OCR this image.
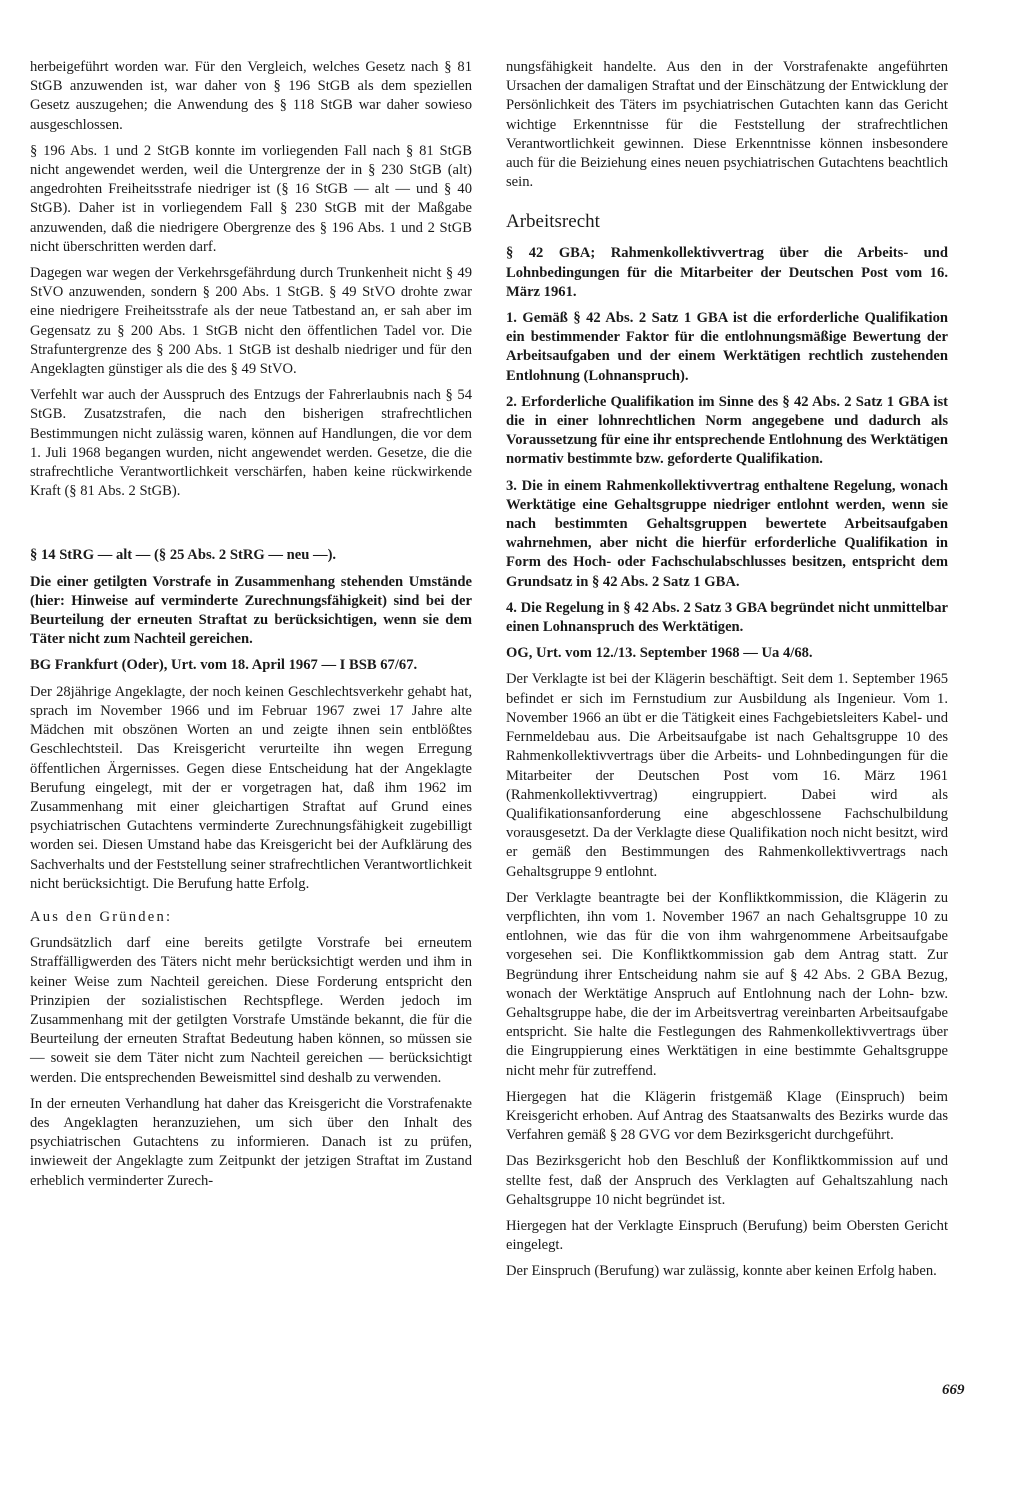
herbeigeführt worden war. Für den Vergleich, welches Gesetz nach § 81 StGB anzuwenden ist, war daher von § 196 StGB als dem speziellen Gesetz auszugehen; die Anwendung des § 118 StGB war daher sowieso ausgeschlossen.

§ 196 Abs. 1 und 2 StGB konnte im vorliegenden Fall nach § 81 StGB nicht angewendet werden, weil die Untergrenze der in § 230 StGB (alt) angedrohten Freiheitsstrafe niedriger ist (§ 16 StGB — alt — und § 40 StGB). Daher ist in vorliegendem Fall § 230 StGB mit der Maßgabe anzuwenden, daß die niedrigere Obergrenze des § 196 Abs. 1 und 2 StGB nicht überschritten werden darf.

Dagegen war wegen der Verkehrsgefährdung durch Trunkenheit nicht § 49 StVO anzuwenden, sondern § 200 Abs. 1 StGB. § 49 StVO drohte zwar eine niedrigere Freiheitsstrafe als der neue Tatbestand an, er sah aber im Gegensatz zu § 200 Abs. 1 StGB nicht den öffentlichen Tadel vor. Die Strafuntergrenze des § 200 Abs. 1 StGB ist deshalb niedriger und für den Angeklagten günstiger als die des § 49 StVO.

Verfehlt war auch der Ausspruch des Entzugs der Fahrerlaubnis nach § 54 StGB. Zusatzstrafen, die nach den bisherigen strafrechtlichen Bestimmungen nicht zulässig waren, können auf Handlungen, die vor dem 1. Juli 1968 begangen wurden, nicht angewendet werden. Gesetze, die die strafrechtliche Verantwortlichkeit verschärfen, haben keine rückwirkende Kraft (§ 81 Abs. 2 StGB).

§ 14 StRG — alt — (§ 25 Abs. 2 StRG — neu —).

Die einer getilgten Vorstrafe in Zusammenhang stehenden Umstände (hier: Hinweise auf verminderte Zurechnungsfähigkeit) sind bei der Beurteilung der erneuten Straftat zu berücksichtigen, wenn sie dem Täter nicht zum Nachteil gereichen.

BG Frankfurt (Oder), Urt. vom 18. April 1967 — I BSB 67/67.

Der 28jährige Angeklagte, der noch keinen Geschlechtsverkehr gehabt hat, sprach im November 1966 und im Februar 1967 zwei 17 Jahre alte Mädchen mit obszönen Worten an und zeigte ihnen sein entblößtes Geschlechtsteil. Das Kreisgericht verurteilte ihn wegen Erregung öffentlichen Ärgernisses. Gegen diese Entscheidung hat der Angeklagte Berufung eingelegt, mit der er vorgetragen hat, daß ihm 1962 im Zusammenhang mit einer gleichartigen Straftat auf Grund eines psychiatrischen Gutachtens verminderte Zurechnungsfähigkeit zugebilligt worden sei. Diesen Umstand habe das Kreisgericht bei der Aufklärung des Sachverhalts und der Feststellung seiner strafrechtlichen Verantwortlichkeit nicht berücksichtigt. Die Berufung hatte Erfolg.

Aus den Gründen:

Grundsätzlich darf eine bereits getilgte Vorstrafe bei erneutem Straffälligwerden des Täters nicht mehr berücksichtigt werden und ihm in keiner Weise zum Nachteil gereichen. Diese Forderung entspricht den Prinzipien der sozialistischen Rechtspflege. Werden jedoch im Zusammenhang mit der getilgten Vorstrafe Umstände bekannt, die für die Beurteilung der erneuten Straftat Bedeutung haben können, so müssen sie — soweit sie dem Täter nicht zum Nachteil gereichen — berücksichtigt werden. Die entsprechenden Beweismittel sind deshalb zu verwenden.

In der erneuten Verhandlung hat daher das Kreisgericht die Vorstrafenakte des Angeklagten heranzuziehen, um sich über den Inhalt des psychiatrischen Gutachtens zu informieren. Danach ist zu prüfen, inwieweit der Angeklagte zum Zeitpunkt der jetzigen Straftat im Zustand erheblich verminderter Zurech-

nungsfähigkeit handelte. Aus den in der Vorstrafenakte angeführten Ursachen der damaligen Straftat und der Einschätzung der Entwicklung der Persönlichkeit des Täters im psychiatrischen Gutachten kann das Gericht wichtige Erkenntnisse für die Feststellung der strafrechtlichen Verantwortlichkeit gewinnen. Diese Erkenntnisse können insbesondere auch für die Beiziehung eines neuen psychiatrischen Gutachtens beachtlich sein.

Arbeitsrecht

§ 42 GBA; Rahmenkollektivvertrag über die Arbeits- und Lohnbedingungen für die Mitarbeiter der Deutschen Post vom 16. März 1961.

1. Gemäß § 42 Abs. 2 Satz 1 GBA ist die erforderliche Qualifikation ein bestimmender Faktor für die entlohnungsmäßige Bewertung der Arbeitsaufgaben und der einem Werktätigen rechtlich zustehenden Entlohnung (Lohnanspruch).

2. Erforderliche Qualifikation im Sinne des § 42 Abs. 2 Satz 1 GBA ist die in einer lohnrechtlichen Norm angegebene und dadurch als Voraussetzung für eine ihr entsprechende Entlohnung des Werktätigen normativ bestimmte bzw. geforderte Qualifikation.

3. Die in einem Rahmenkollektivvertrag enthaltene Regelung, wonach Werktätige eine Gehaltsgruppe niedriger entlohnt werden, wenn sie nach bestimmten Gehaltsgruppen bewertete Arbeitsaufgaben wahrnehmen, aber nicht die hierfür erforderliche Qualifikation in Form des Hoch- oder Fachschulabschlusses besitzen, entspricht dem Grundsatz in § 42 Abs. 2 Satz 1 GBA.

4. Die Regelung in § 42 Abs. 2 Satz 3 GBA begründet nicht unmittelbar einen Lohnanspruch des Werktätigen.

OG, Urt. vom 12./13. September 1968 — Ua 4/68.

Der Verklagte ist bei der Klägerin beschäftigt. Seit dem 1. September 1965 befindet er sich im Fernstudium zur Ausbildung als Ingenieur. Vom 1. November 1966 an übt er die Tätigkeit eines Fachgebietsleiters Kabel- und Fernmeldebau aus. Die Arbeitsaufgabe ist nach Gehaltsgruppe 10 des Rahmenkollektivvertrags über die Arbeits- und Lohnbedingungen für die Mitarbeiter der Deutschen Post vom 16. März 1961 (Rahmenkollektivvertrag) eingruppiert. Dabei wird als Qualifikationsanforderung eine abgeschlossene Fachschulbildung vorausgesetzt. Da der Verklagte diese Qualifikation noch nicht besitzt, wird er gemäß den Bestimmungen des Rahmenkollektivvertrags nach Gehaltsgruppe 9 entlohnt.

Der Verklagte beantragte bei der Konfliktkommission, die Klägerin zu verpflichten, ihn vom 1. November 1967 an nach Gehaltsgruppe 10 zu entlohnen, wie das für die von ihm wahrgenommene Arbeitsaufgabe vorgesehen sei. Die Konfliktkommission gab dem Antrag statt. Zur Begründung ihrer Entscheidung nahm sie auf § 42 Abs. 2 GBA Bezug, wonach der Werktätige Anspruch auf Entlohnung nach der Lohn- bzw. Gehaltsgruppe habe, die der im Arbeitsvertrag vereinbarten Arbeitsaufgabe entspricht. Sie halte die Festlegungen des Rahmenkollektivvertrags über die Eingruppierung eines Werktätigen in eine bestimmte Gehaltsgruppe nicht mehr für zutreffend.

Hiergegen hat die Klägerin fristgemäß Klage (Einspruch) beim Kreisgericht erhoben. Auf Antrag des Staatsanwalts des Bezirks wurde das Verfahren gemäß § 28 GVG vor dem Bezirksgericht durchgeführt.

Das Bezirksgericht hob den Beschluß der Konfliktkommission auf und stellte fest, daß der Anspruch des Verklagten auf Gehaltszahlung nach Gehaltsgruppe 10 nicht begründet ist.

Hiergegen hat der Verklagte Einspruch (Berufung) beim Obersten Gericht eingelegt.

Der Einspruch (Berufung) war zulässig, konnte aber keinen Erfolg haben.

669
